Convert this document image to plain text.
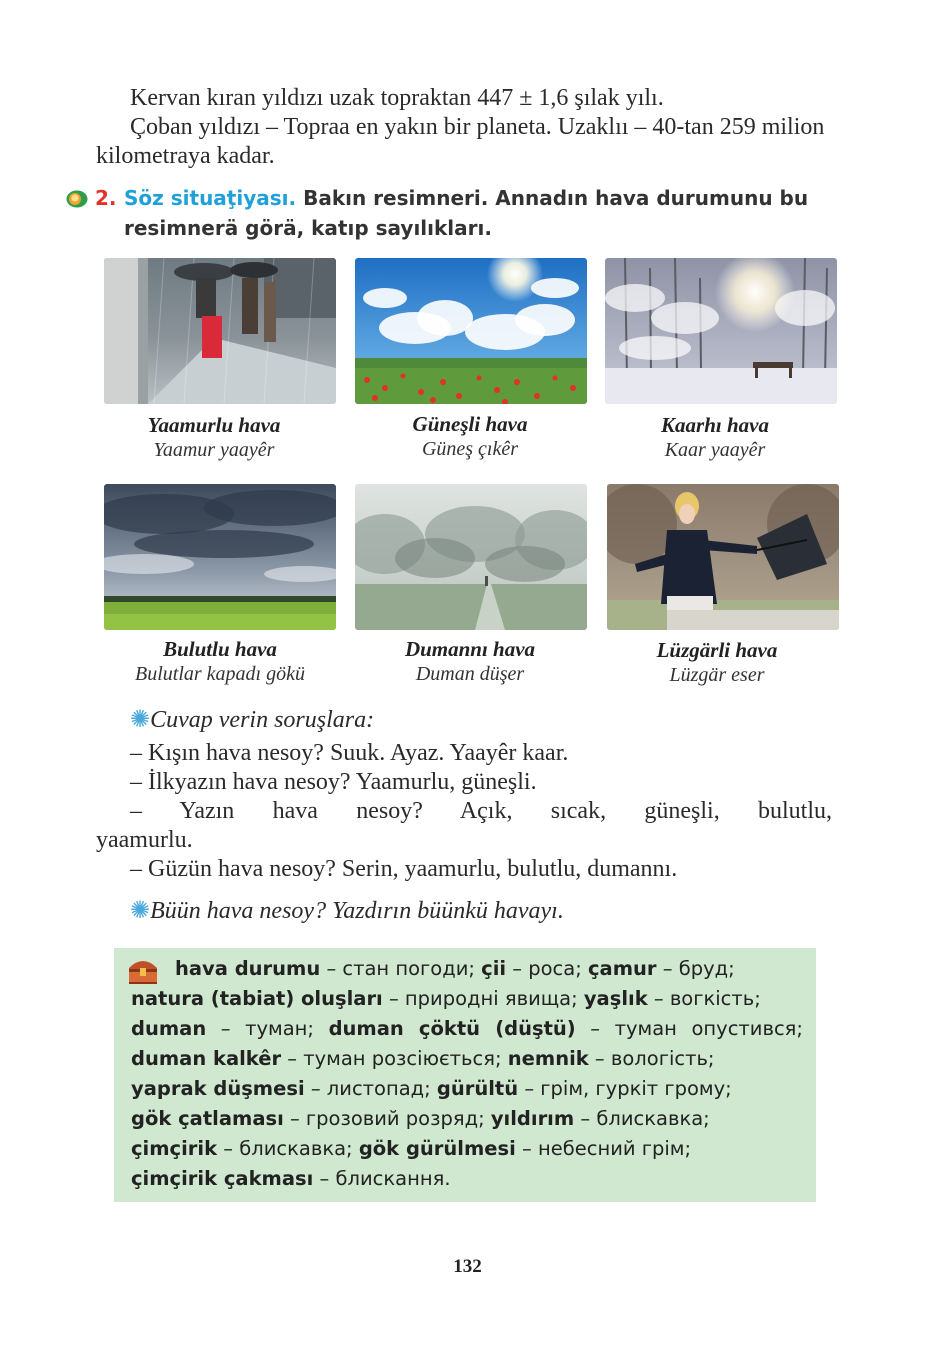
Kervan kıran yıldızı uzak topraktan 447 ± 1,6 şılak yılı.
Çoban yıldızı – Topraa en yakın bir planeta. Uzaklıı – 40-tan 259 milion kilometraya kadar.
2. Söz situaţiyası. Bakın resimneri. Annadın hava durumunu bu resimnerä görä, katıp sayılıkları.
Yaamurlu hava
Yaamur yaayêr
Güneşli hava
Güneş çıkêr
Kaarhı hava
Kaar yaayêr
Bulutlu hava
Bulutlar kapadı gökü
Dumannı hava
Duman düşer
Lüzgärli hava
Lüzgär eser
✺Cuvap verin soruşlara:
– Kışın hava nesoy? Suuk. Ayaz. Yaayêr kaar.
– İlkyazın hava nesoy? Yaamurlu, güneşli.
– Yazın hava nesoy? Açık, sıcak, güneşli, bulutlu,
yaamurlu.
– Güzün hava nesoy? Serin, yaamurlu, bulutlu, dumannı.
✺Büün hava nesoy? Yazdırın büünkü havayı.
hava durumu – стан погоди; çii – роса; çamur – бруд;
natura (tabiat) oluşları – природні явища; yaşlık – вогкість;
duman – туман; duman çöktü (düştü) – туман опустився;
duman kalkêr – туман розсіюється; nemnik – вологість;
yaprak düşmesi – листопад; gürültü – грім, гуркіт грому;
gök çatlaması – грозовий розряд; yıldırım – блискавка;
çimçirik – блискавка; gök gürülmesi – небесний грім;
çimçirik çakması – блискання.
132
